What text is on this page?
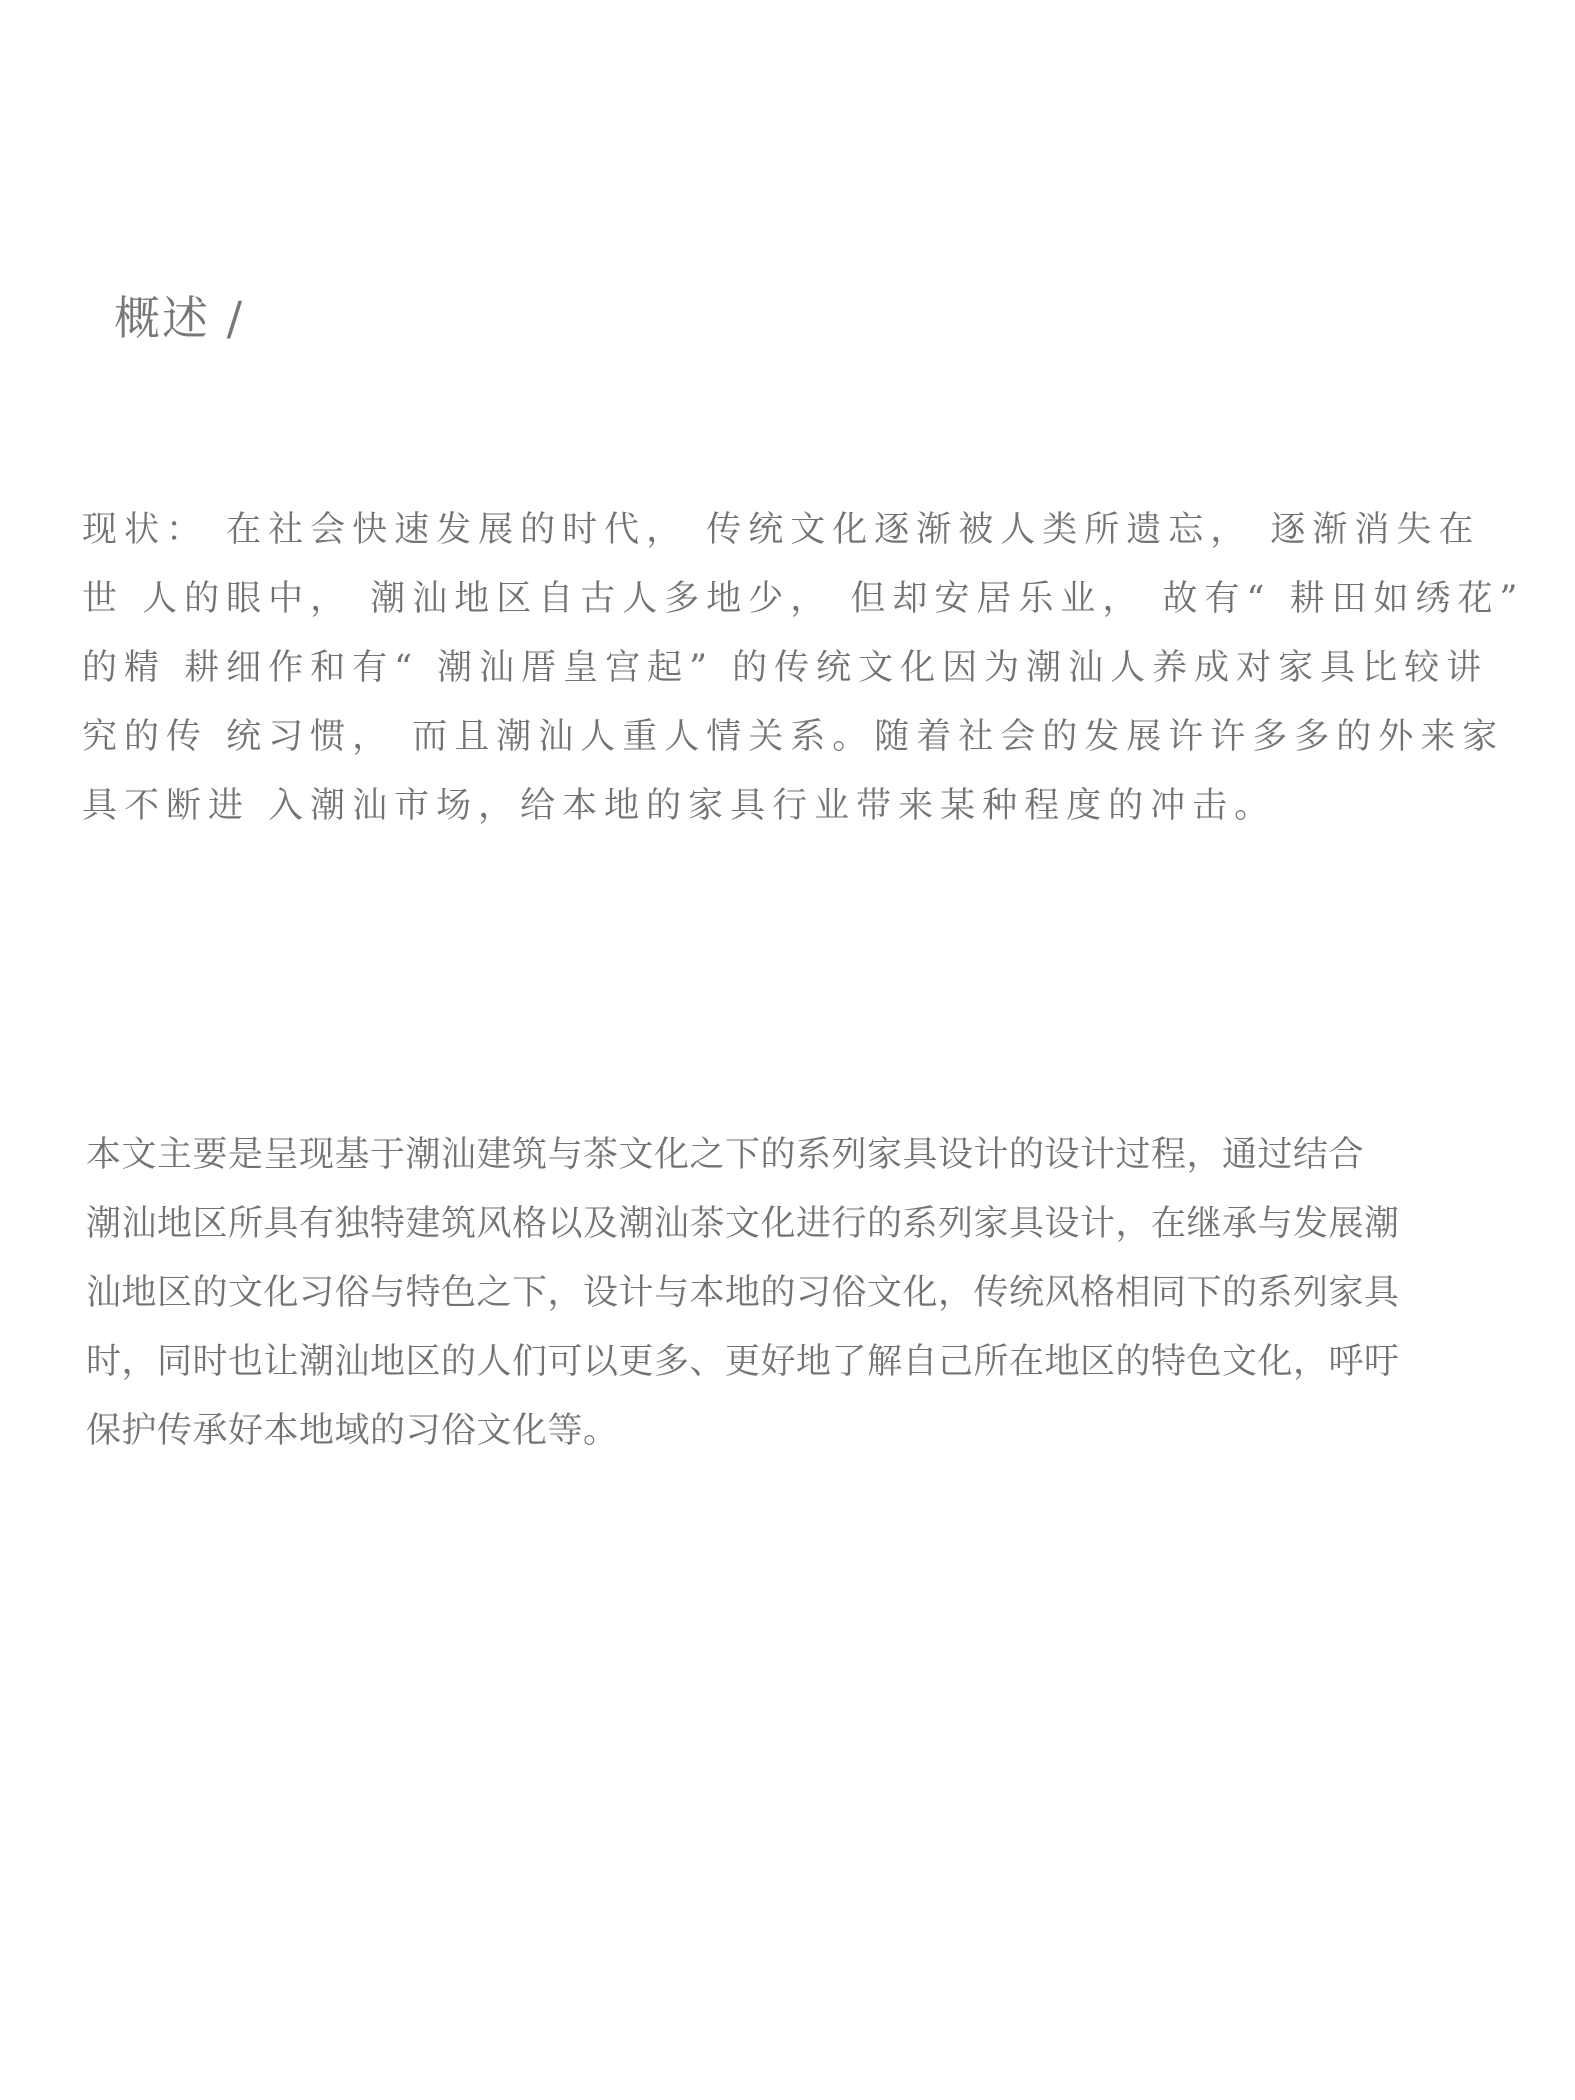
概述 /

现状： 在社会快速发展的时代， 传统文化逐渐被人类所遗忘， 逐渐消失在
世 人的眼中， 潮汕地区自古人多地少， 但却安居乐业， 故有“ 耕田如绣花”
的精 耕细作和有“ 潮汕厝皇宫起” 的传统文化因为潮汕人养成对家具比较讲
究的传 统习惯， 而且潮汕人重人情关系。随着社会的发展许许多多的外来家
具不断进 入潮汕市场，给本地的家具行业带来某种程度的冲击。

本文主要是呈现基于潮汕建筑与茶文化之下的系列家具设计的设计过程，通过结合
潮汕地区所具有独特建筑风格以及潮汕茶文化进行的系列家具设计，在继承与发展潮
汕地区的文化习俗与特色之下，设计与本地的习俗文化，传统风格相同下的系列家具
时，同时也让潮汕地区的人们可以更多、更好地了解自己所在地区的特色文化，呼吁
保护传承好本地域的习俗文化等。
